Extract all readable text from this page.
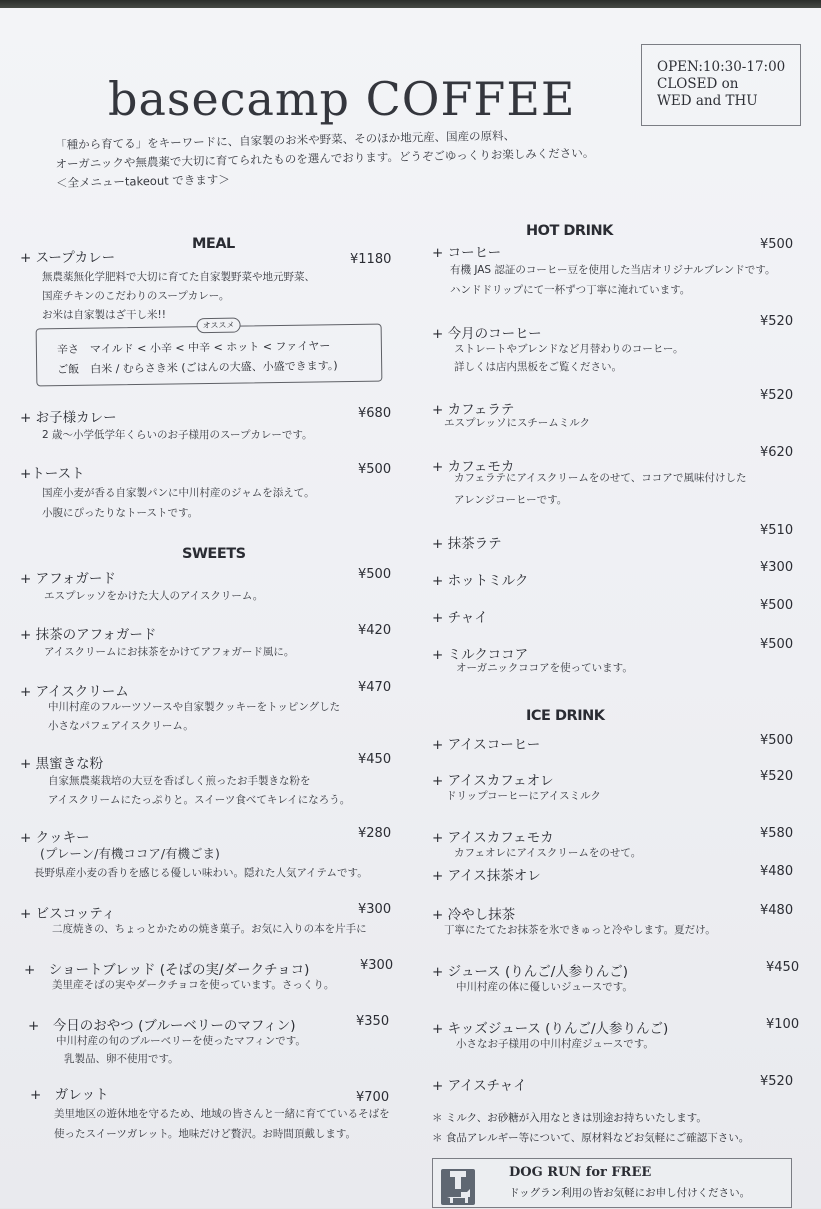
basecamp COFFEE
OPEN:10:30-17:00
CLOSED on
WED and THU
「種から育てる」をキーワードに、自家製のお米や野菜、そのほか地元産、国産の原料、
オーガニックや無農薬で大切に育てられたものを選んでおります。どうぞごゆっくりお楽しみください。
＜全メニューtakeout できます＞
MEAL
+ スープカレー	¥1180
無農薬無化学肥料で大切に育てた自家製野菜や地元野菜、
国産チキンのこだわりのスープカレー。
お米は自家製はざ干し米!!
オススメ
辛さ　マイルド < 小辛 < 中辛 < ホット < ファイヤー
ご飯　白米 / むらさき米 (ごはんの大盛、小盛できます。)
+ お子様カレー	¥680
2 歳〜小学低学年くらいのお子様用のスープカレーです。
+トースト	¥500
国産小麦が香る自家製パンに中川村産のジャムを添えて。
小腹にぴったりなトーストです。
SWEETS
+ アフォガード	¥500
エスプレッソをかけた大人のアイスクリーム。
+ 抹茶のアフォガード	¥420
アイスクリームにお抹茶をかけてアフォガード風に。
+ アイスクリーム	¥470
中川村産のフルーツソースや自家製クッキーをトッピングした
小さなパフェアイスクリーム。
+ 黒蜜きな粉	¥450
自家無農薬栽培の大豆を香ばしく煎ったお手製きな粉を
アイスクリームにたっぷりと。スイーツ食べてキレイになろう。
+ クッキー	¥280
(プレーン/有機ココア/有機ごま)
長野県産小麦の香りを感じる優しい味わい。隠れた人気アイテムです。
+ ビスコッティ	¥300
二度焼きの、ちょっとかための焼き菓子。お気に入りの本を片手に
+　ショートブレッド (そばの実/ダークチョコ)	¥300
美里産そばの実やダークチョコを使っています。さっくり。
+　今日のおやつ (ブルーベリーのマフィン)	¥350
中川村産の旬のブルーベリーを使ったマフィンです。
乳製品、卵不使用です。
+　ガレット	¥700
美里地区の遊休地を守るため、地域の皆さんと一緒に育てているそばを
使ったスイーツガレット。地味だけど贅沢。お時間頂戴します。
HOT DRINK
+ コーヒー
¥500
有機 JAS 認証のコーヒー豆を使用した当店オリジナルブレンドです。
ハンドドリップにて一杯ずつ丁寧に淹れています。
+ 今月のコーヒー
¥520
ストレートやブレンドなど月替わりのコーヒー。
詳しくは店内黒板をご覧ください。
+ カフェラテ
¥520
エスプレッソにスチームミルク
+ カフェモカ
¥620
カフェラテにアイスクリームをのせて、ココアで風味付けした
アレンジコーヒーです。
+ 抹茶ラテ
¥510
+ ホットミルク
¥300
+ チャイ
¥500
+ ミルクココア
¥500
オーガニックココアを使っています。
ICE DRINK
+ アイスコーヒー	¥500
+ アイスカフェオレ	¥520
ドリップコーヒーにアイスミルク
+ アイスカフェモカ	¥580
カフェオレにアイスクリームをのせて。
+ アイス抹茶オレ	¥480
+ 冷やし抹茶	¥480
丁寧にたてたお抹茶を氷できゅっと冷やします。夏だけ。
+ ジュース (りんご/人参りんご)	¥450
中川村産の体に優しいジュースです。
+ キッズジュース (りんご/人参りんご)	¥100
小さなお子様用の中川村産ジュースです。
+ アイスチャイ	¥520
＊ ミルク、お砂糖が入用なときは別途お持ちいたします。
＊ 食品アレルギー等について、原材料などお気軽にご確認下さい。
DOG RUN for FREE
ドッグラン利用の皆お気軽にお申し付けください。
